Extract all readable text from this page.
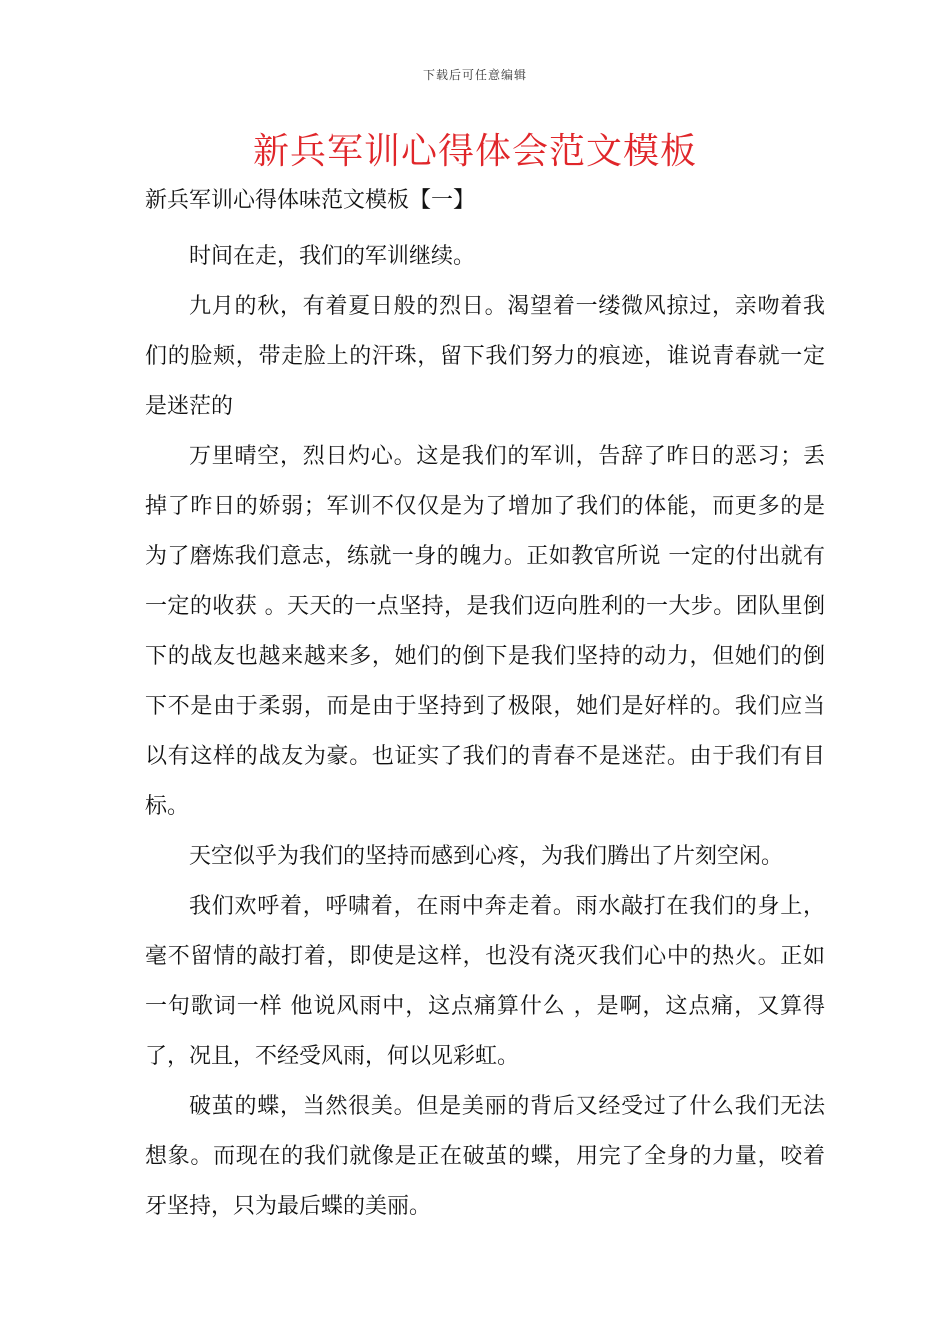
下载后可任意编辑
新兵军训心得体会范文模板
新兵军训心得体味范文模板【一】

时间在走，我们的军训继续。

九月的秋，有着夏日般的烈日。渴望着一缕微风掠过，亲吻着我们的脸颊，带走脸上的汗珠，留下我们努力的痕迹，谁说青春就一定是迷茫的

万里晴空，烈日灼心。这是我们的军训，告辞了昨日的恶习；丢掉了昨日的娇弱；军训不仅仅是为了增加了我们的体能，而更多的是为了磨炼我们意志，练就一身的魄力。正如教官所说 一定的付出就有一定的收获 。天天的一点坚持，是我们迈向胜利的一大步。团队里倒下的战友也越来越来多，她们的倒下是我们坚持的动力，但她们的倒下不是由于柔弱，而是由于坚持到了极限，她们是好样的。我们应当以有这样的战友为豪。也证实了我们的青春不是迷茫。由于我们有目标。

天空似乎为我们的坚持而感到心疼，为我们腾出了片刻空闲。

我们欢呼着，呼啸着，在雨中奔走着。雨水敲打在我们的身上，毫不留情的敲打着，即使是这样，也没有浇灭我们心中的热火。正如一句歌词一样 他说风雨中，这点痛算什么 ，是啊，这点痛，又算得了，况且，不经受风雨，何以见彩虹。

破茧的蝶，当然很美。但是美丽的背后又经受过了什么我们无法想象。而现在的我们就像是正在破茧的蝶，用完了全身的力量，咬着牙坚持，只为最后蝶的美丽。
